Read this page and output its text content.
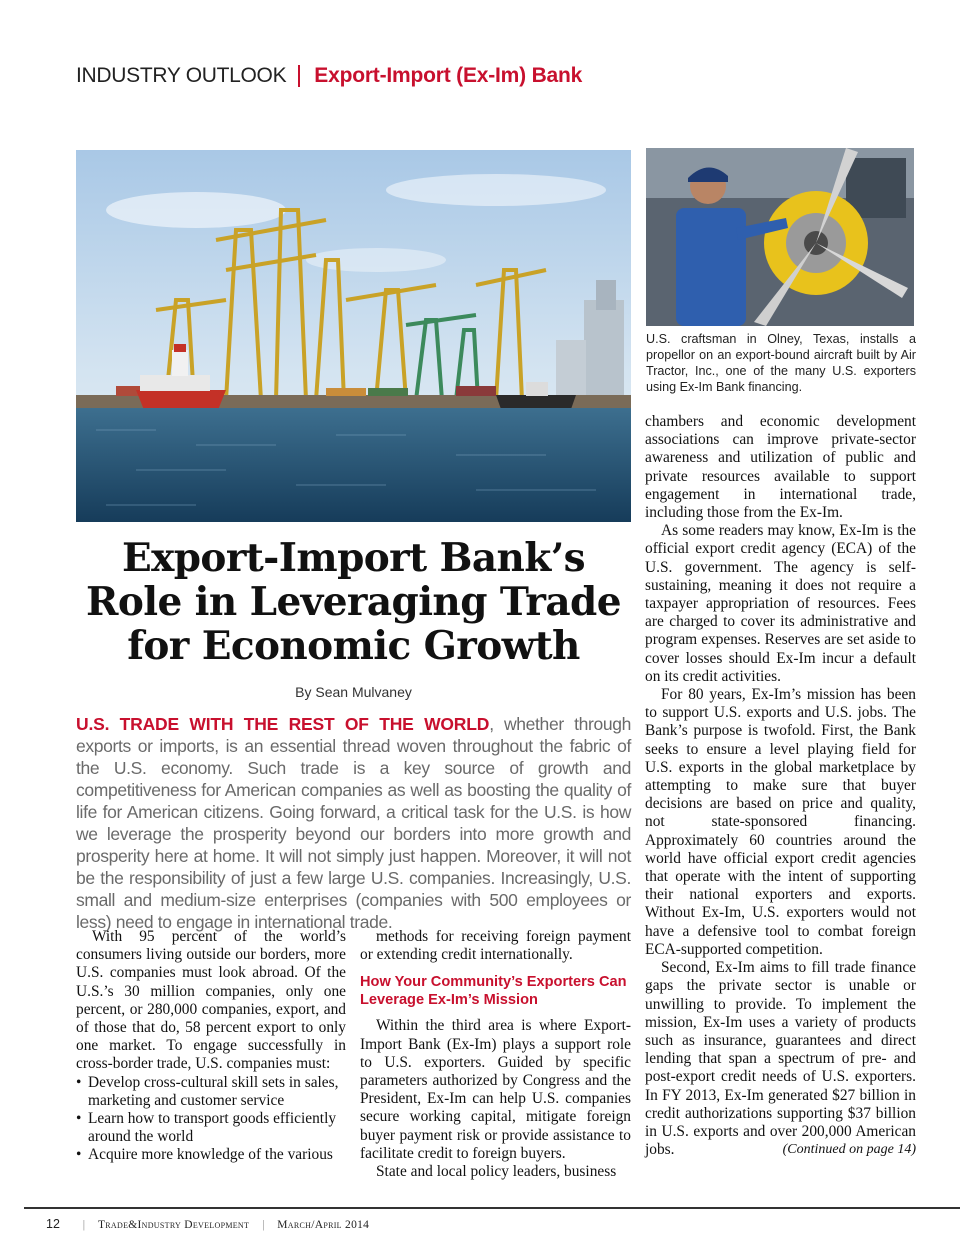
INDUSTRY OUTLOOK Export-Import (Ex-Im) Bank
U.S. craftsman in Olney, Texas, installs a propellor on an export-bound aircraft built by Air Tractor, Inc., one of the many U.S. exporters using Ex-Im Bank financing.
Export-Import Bank’s
Role in Leveraging Trade
for Economic Growth
By Sean Mulvaney
U.S. TRADE WITH THE REST OF THE WORLD, whether through exports or imports, is an essential thread woven throughout the fabric of the U.S. economy. Such trade is a key source of growth and competitiveness for American companies as well as boosting the quality of life for American citizens. Going forward, a critical task for the U.S. is how we leverage the prosperity beyond our borders into more growth and prosperity here at home. It will not simply just happen. Moreover, it will not be the responsibility of just a few large U.S. companies. Increasingly, U.S. small and medium-size enterprises (companies with 500 employees or less) need to engage in international trade.

With 95 percent of the world’s consumers living outside our borders, more U.S. companies must look abroad. Of the U.S.’s 30 million companies, only one percent, or 280,000 companies, export, and of those that do, 58 percent export to only one market. To engage successfully in cross-border trade, U.S. companies must:

• Develop cross-cultural skill sets in sales, marketing and customer service
• Learn how to transport goods efficiently around the world
• Acquire more knowledge of the various

methods for receiving foreign payment or extending credit internationally.

How Your Community’s Exporters Can Leverage Ex-Im’s Mission

Within the third area is where Export-Import Bank (Ex-Im) plays a support role to U.S. exporters. Guided by specific parameters authorized by Congress and the President, Ex-Im can help U.S. companies secure working capital, mitigate foreign buyer payment risk or provide assistance to facilitate credit to foreign buyers.

State and local policy leaders, business

chambers and economic development associations can improve private-sector awareness and utilization of public and private resources available to support engagement in international trade, including those from the Ex-Im.

As some readers may know, Ex-Im is the official export credit agency (ECA) of the U.S. government. The agency is self-sustaining, meaning it does not require a taxpayer appropriation of resources. Fees are charged to cover its administrative and program expenses. Reserves are set aside to cover losses should Ex-Im incur a default on its credit activities.

For 80 years, Ex-Im’s mission has been to support U.S. exports and U.S. jobs. The Bank’s purpose is twofold. First, the Bank seeks to ensure a level playing field for U.S. exports in the global marketplace by attempting to make sure that buyer decisions are based on price and quality, not state-sponsored financing. Approximately 60 countries around the world have official export credit agencies that operate with the intent of supporting their national exporters and exports. Without Ex-Im, U.S. exporters would not have a defensive tool to combat foreign ECA-supported competition.

Second, Ex-Im aims to fill trade finance gaps the private sector is unable or unwilling to provide. To implement the mission, Ex-Im uses a variety of products such as insurance, guarantees and direct lending that span a spectrum of pre- and post-export credit needs of U.S. exporters. In FY 2013, Ex-Im generated $27 billion in credit authorizations supporting $37 billion in U.S. exports and over 200,000 American jobs.	(Continued on page 14)

12 | Trade&Industry Development | March/April 2014
